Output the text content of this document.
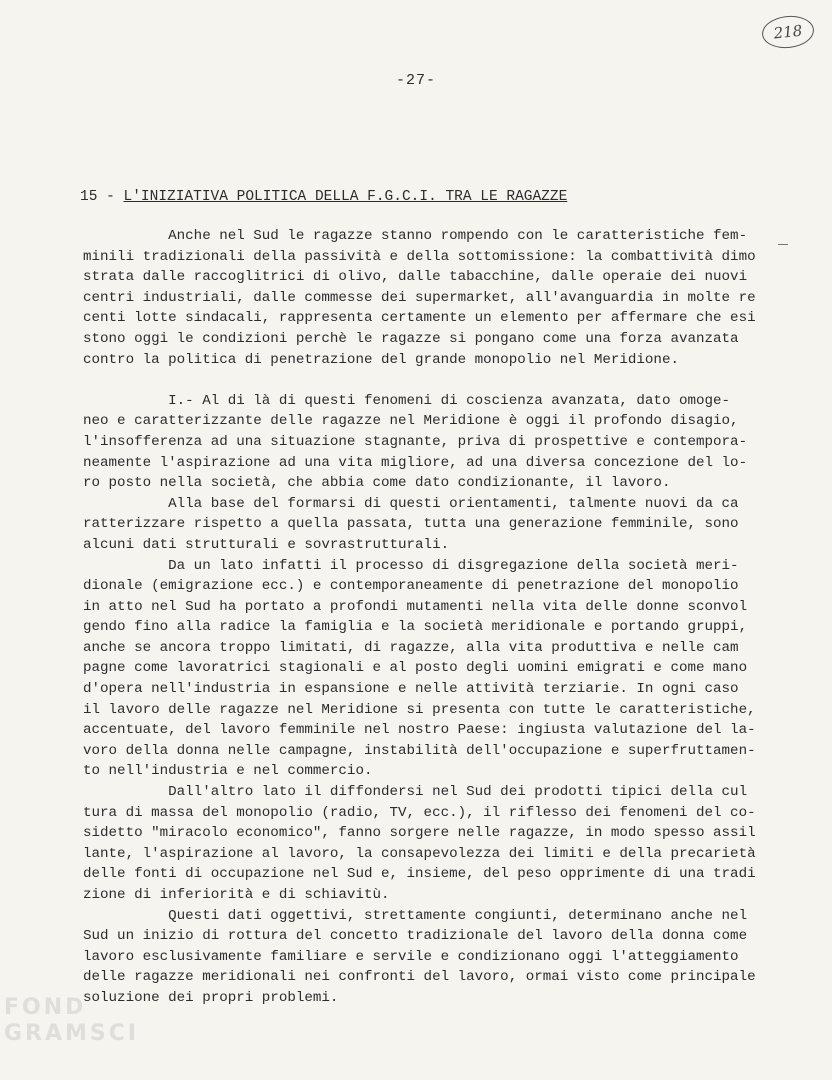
218
-27-
15 - L'INIZIATIVA POLITICA DELLA F.G.C.I. TRA LE RAGAZZE
Anche nel Sud le ragazze stanno rompendo con le caratteristiche fem-
minili tradizionali della passività e della sottomissione: la combattività dimo
strata dalle raccoglitrici di olivo, dalle tabacchine, dalle operaie dei nuovi
centri industriali, dalle commesse dei supermarket, all'avanguardia in molte re
centi lotte sindacali, rappresenta certamente un elemento per affermare che esi
stono oggi le condizioni perchè le ragazze si pongano come una forza avanzata
contro la politica di penetrazione del grande monopolio nel Meridione.
I.- Al di là di questi fenomeni di coscienza avanzata, dato omoge-
neo e caratterizzante delle ragazze nel Meridione è oggi il profondo disagio,
l'insofferenza ad una situazione stagnante, priva di prospettive e contempora-
neamente l'aspirazione ad una vita migliore, ad una diversa concezione del lo-
ro posto nella società, che abbia come dato condizionante, il lavoro.
Alla base del formarsi di questi orientamenti, talmente nuovi da ca
ratterizzare rispetto a quella passata, tutta una generazione femminile, sono
alcuni dati strutturali e sovrastrutturali.
Da un lato infatti il processo di disgregazione della società meri-
dionale (emigrazione ecc.) e contemporaneamente di penetrazione del monopolio
in atto nel Sud ha portato a profondi mutamenti nella vita delle donne sconvol
gendo fino alla radice la famiglia e la società meridionale e portando gruppi,
anche se ancora troppo limitati, di ragazze, alla vita produttiva e nelle cam
pagne come lavoratrici stagionali e al posto degli uomini emigrati e come mano
d'opera nell'industria in espansione e nelle attività terziarie. In ogni caso
il lavoro delle ragazze nel Meridione si presenta con tutte le caratteristiche,
accentuate, del lavoro femminile nel nostro Paese: ingiusta valutazione del la-
voro della donna nelle campagne, instabilità dell'occupazione e superfruttamen-
to nell'industria e nel commercio.
Dall'altro lato il diffondersi nel Sud dei prodotti tipici della cul
tura di massa del monopolio (radio, TV, ecc.), il riflesso dei fenomeni del co-
sidetto "miracolo economico", fanno sorgere nelle ragazze, in modo spesso assil
lante, l'aspirazione al lavoro, la consapevolezza dei limiti e della precarietà
delle fonti di occupazione nel Sud e, insieme, del peso opprimente di una tradi
zione di inferiorità e di schiavitù.
Questi dati oggettivi, strettamente congiunti, determinano anche nel
Sud un inizio di rottura del concetto tradizionale del lavoro della donna come
lavoro esclusivamente familiare e servile e condizionano oggi l'atteggiamento
delle ragazze meridionali nei confronti del lavoro, ormai visto come principale
soluzione dei propri problemi.
FOND
GRAMSCI
